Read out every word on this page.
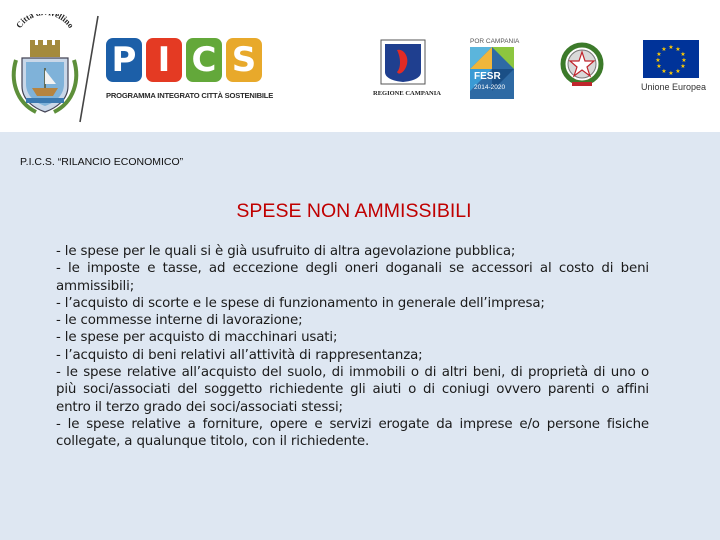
Città ellino
P I C S
PROGRAMMA INTEGRATO CITTÀ SOSTENIBILE	REGIONE CAMPANIA
POR CAMPANIA
FESR
2014-2020
★ ★
★
★
★
★
★
★
★
★
★
★
Unione Europea
P.I.C.S. “RILANCIO ECONOMICO”
SPESE NON AMMISSIBILI

- le spese per le quali si è già usufruito di altra agevolazione pubblica;

- le imposte e tasse, ad eccezione degli oneri doganali se accessori al costo di beni ammissibili;

- l’acquisto di scorte e le spese di funzionamento in generale dell’impresa;

- le commesse interne di lavorazione;

- le spese per acquisto di macchinari usati;

- l’acquisto di beni relativi all’attività di rappresentanza;

- le spese relative all’acquisto del suolo, di immobili o di altri beni, di proprietà di uno o più soci/associati del soggetto richiedente gli aiuti o di coniugi ovvero parenti o affini entro il terzo grado dei soci/associati stessi;

- le spese relative a forniture, opere e servizi erogate da imprese e/o persone fisiche collegate, a qualunque titolo, con il richiedente.
